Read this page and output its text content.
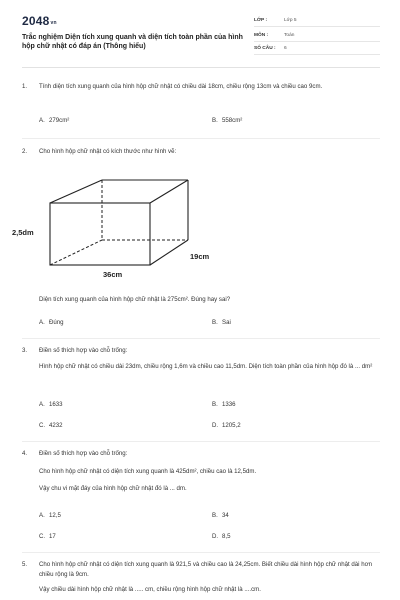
$2048_{vn}$
Trắc nghiệm Diện tích xung quanh và diện tích toàn phần của hình hộp chữ nhật có đáp án (Thông hiểu)
LỚP :	Lớp 5
MÔN :	Toán
SỐ CÂU : 6
1.	Tính diện tích xung quanh của hình hộp chữ nhật có chiều dài 18cm, chiều rộng 13cm và chiều cao 9cm.
A. 279cm²	B. 558cm²
2.	Cho hình hộp chữ nhật có kích thước như hình vẽ:
2,5dm
19cm
36cm
Diện tích xung quanh của hình hộp chữ nhật là 275cm². Đúng hay sai?
A. Đúng	B. Sai
3.	Điền số thích hợp vào chỗ trống:
Hình hộp chữ nhật có chiều dài 23dm, chiều rộng 1,6m và chiều cao 11,5dm. Diện tích toàn phần của hình hộp đó là ... dm²
A. 1633	B. 1336
C. 4232	D. 1205,2
4.	Điền số thích hợp vào chỗ trống:
Cho hình hộp chữ nhật có diện tích xung quanh là 425dm², chiều cao là 12,5dm.
Vậy chu vi mặt đáy của hình hộp chữ nhật đó là ... dm.
A. 12,5	B. 34
C. 17	D. 8,5
5.	Cho hình hộp chữ nhật có diện tích xung quanh là 921,5 và chiều cao là 24,25cm. Biết chiều dài hình hộp chữ nhật dài hơn chiều rộng là 9cm.
Vậy chiều dài hình hộp chữ nhật là ..... cm, chiều rộng hình hộp chữ nhật là ....cm.
